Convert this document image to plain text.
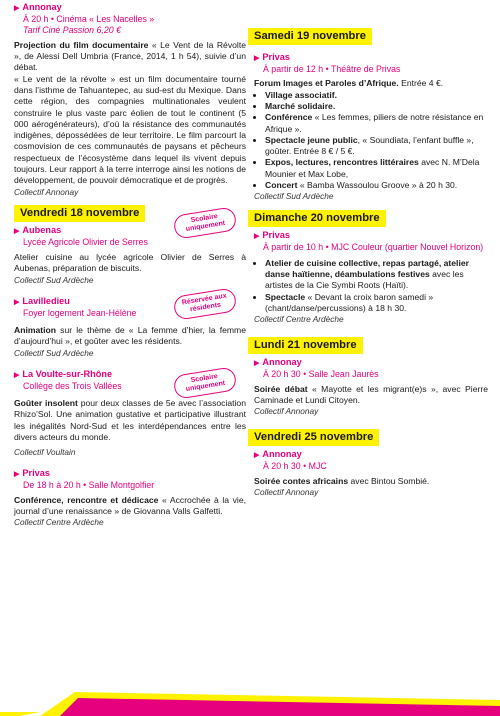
▶ Annonay
À 20 h • Cinéma « Les Nacelles »
Tarif Ciné Passion 6,20 €
Projection du film documentaire « Le Vent de la Révolte », de Alessi Dell Umbria (France, 2014, 1 h 54), suivie d’un débat.
« Le vent de la révolte » est un film documentaire tourné dans l’isthme de Tahuantepec, au sud-est du Mexique. Dans cette région, des compagnies multinationales veulent construire le plus vaste parc éolien de tout le continent (5 000 aérogénérateurs), d’où la résistance des communautés indigènes, dépossédées de leur territoire. Le film parcourt la cosmovision de ces communautés de paysans et pêcheurs respectueux de l’écosystème dans lequel ils vivent depuis toujours. Leur rapport à la terre interroge ainsi les notions de développement, de pouvoir démocratique et de progrès.
Collectif Annonay
Vendredi 18 novembre
▶ Aubenas
Lycée Agricole Olivier de Serres
Scolaire uniquement
Atelier cuisine au lycée agricole Olivier de Serres à Aubenas, préparation de biscuits.
Collectif Sud Ardèche
▶ Lavilledieu
Foyer logement Jean-Hélène
Réservée aux résidents
Animation sur le thème de « La femme d’hier, la femme d’aujourd’hui », et goûter avec les résidents.
Collectif Sud Ardèche
▶ La Voulte-sur-Rhône
Collège des Trois Vallées
Scolaire uniquement
Goûter insolent pour deux classes de 5e avec l’association Rhizo’Sol. Une animation gustative et participative illustrant les inégalités Nord-Sud et les interdépendances entre les divers acteurs du monde.
Collectif Voultain
▶ Privas
De 18 h à 20 h • Salle Montgolfier
Conférence, rencontre et dédicace « Accrochée à la vie, journal d’une renaissance » de Giovanna Valls Galfetti.
Collectif Centre Ardèche
Samedi 19 novembre
▶ Privas
À partir de 12 h • Théâtre de Privas
Forum Images et Paroles d’Afrique. Entrée 4 €.
• Village associatif.
• Marché solidaire.
• Conférence « Les femmes, piliers de notre résistance en Afrique ».
• Spectacle jeune public, « Soundiata, l’enfant buffle », goûter. Entrée 8 € / 5 €.
• Expos, lectures, rencontres littéraires avec N. M’Dela Mounier et Max Lobe,
• Concert « Bamba Wassoulou Groove » à 20 h 30.
Collectif Sud Ardèche
Dimanche 20 novembre
▶ Privas
À partir de 10 h • MJC Couleur (quartier Nouvel Horizon)
• Atelier de cuisine collective, repas partagé, atelier danse haïtienne, déambulations festives avec les artistes de la Cie Symbi Roots (Haïti).
• Spectacle « Devant la croix baron samedi » (chant/danse/percussions) à 18 h 30.
Collectif Centre Ardèche
Lundi 21 novembre
▶ Annonay
À 20 h 30 • Salle Jean Jaurès
Soirée débat « Mayotte et les migrant(e)s », avec Pierre Caminade et Lundi Citoyen.
Collectif Annonay
Vendredi 25 novembre
▶ Annonay
À 20 h 30 • MJC
Soirée contes africains avec Bintou Sombié.
Collectif Annonay
